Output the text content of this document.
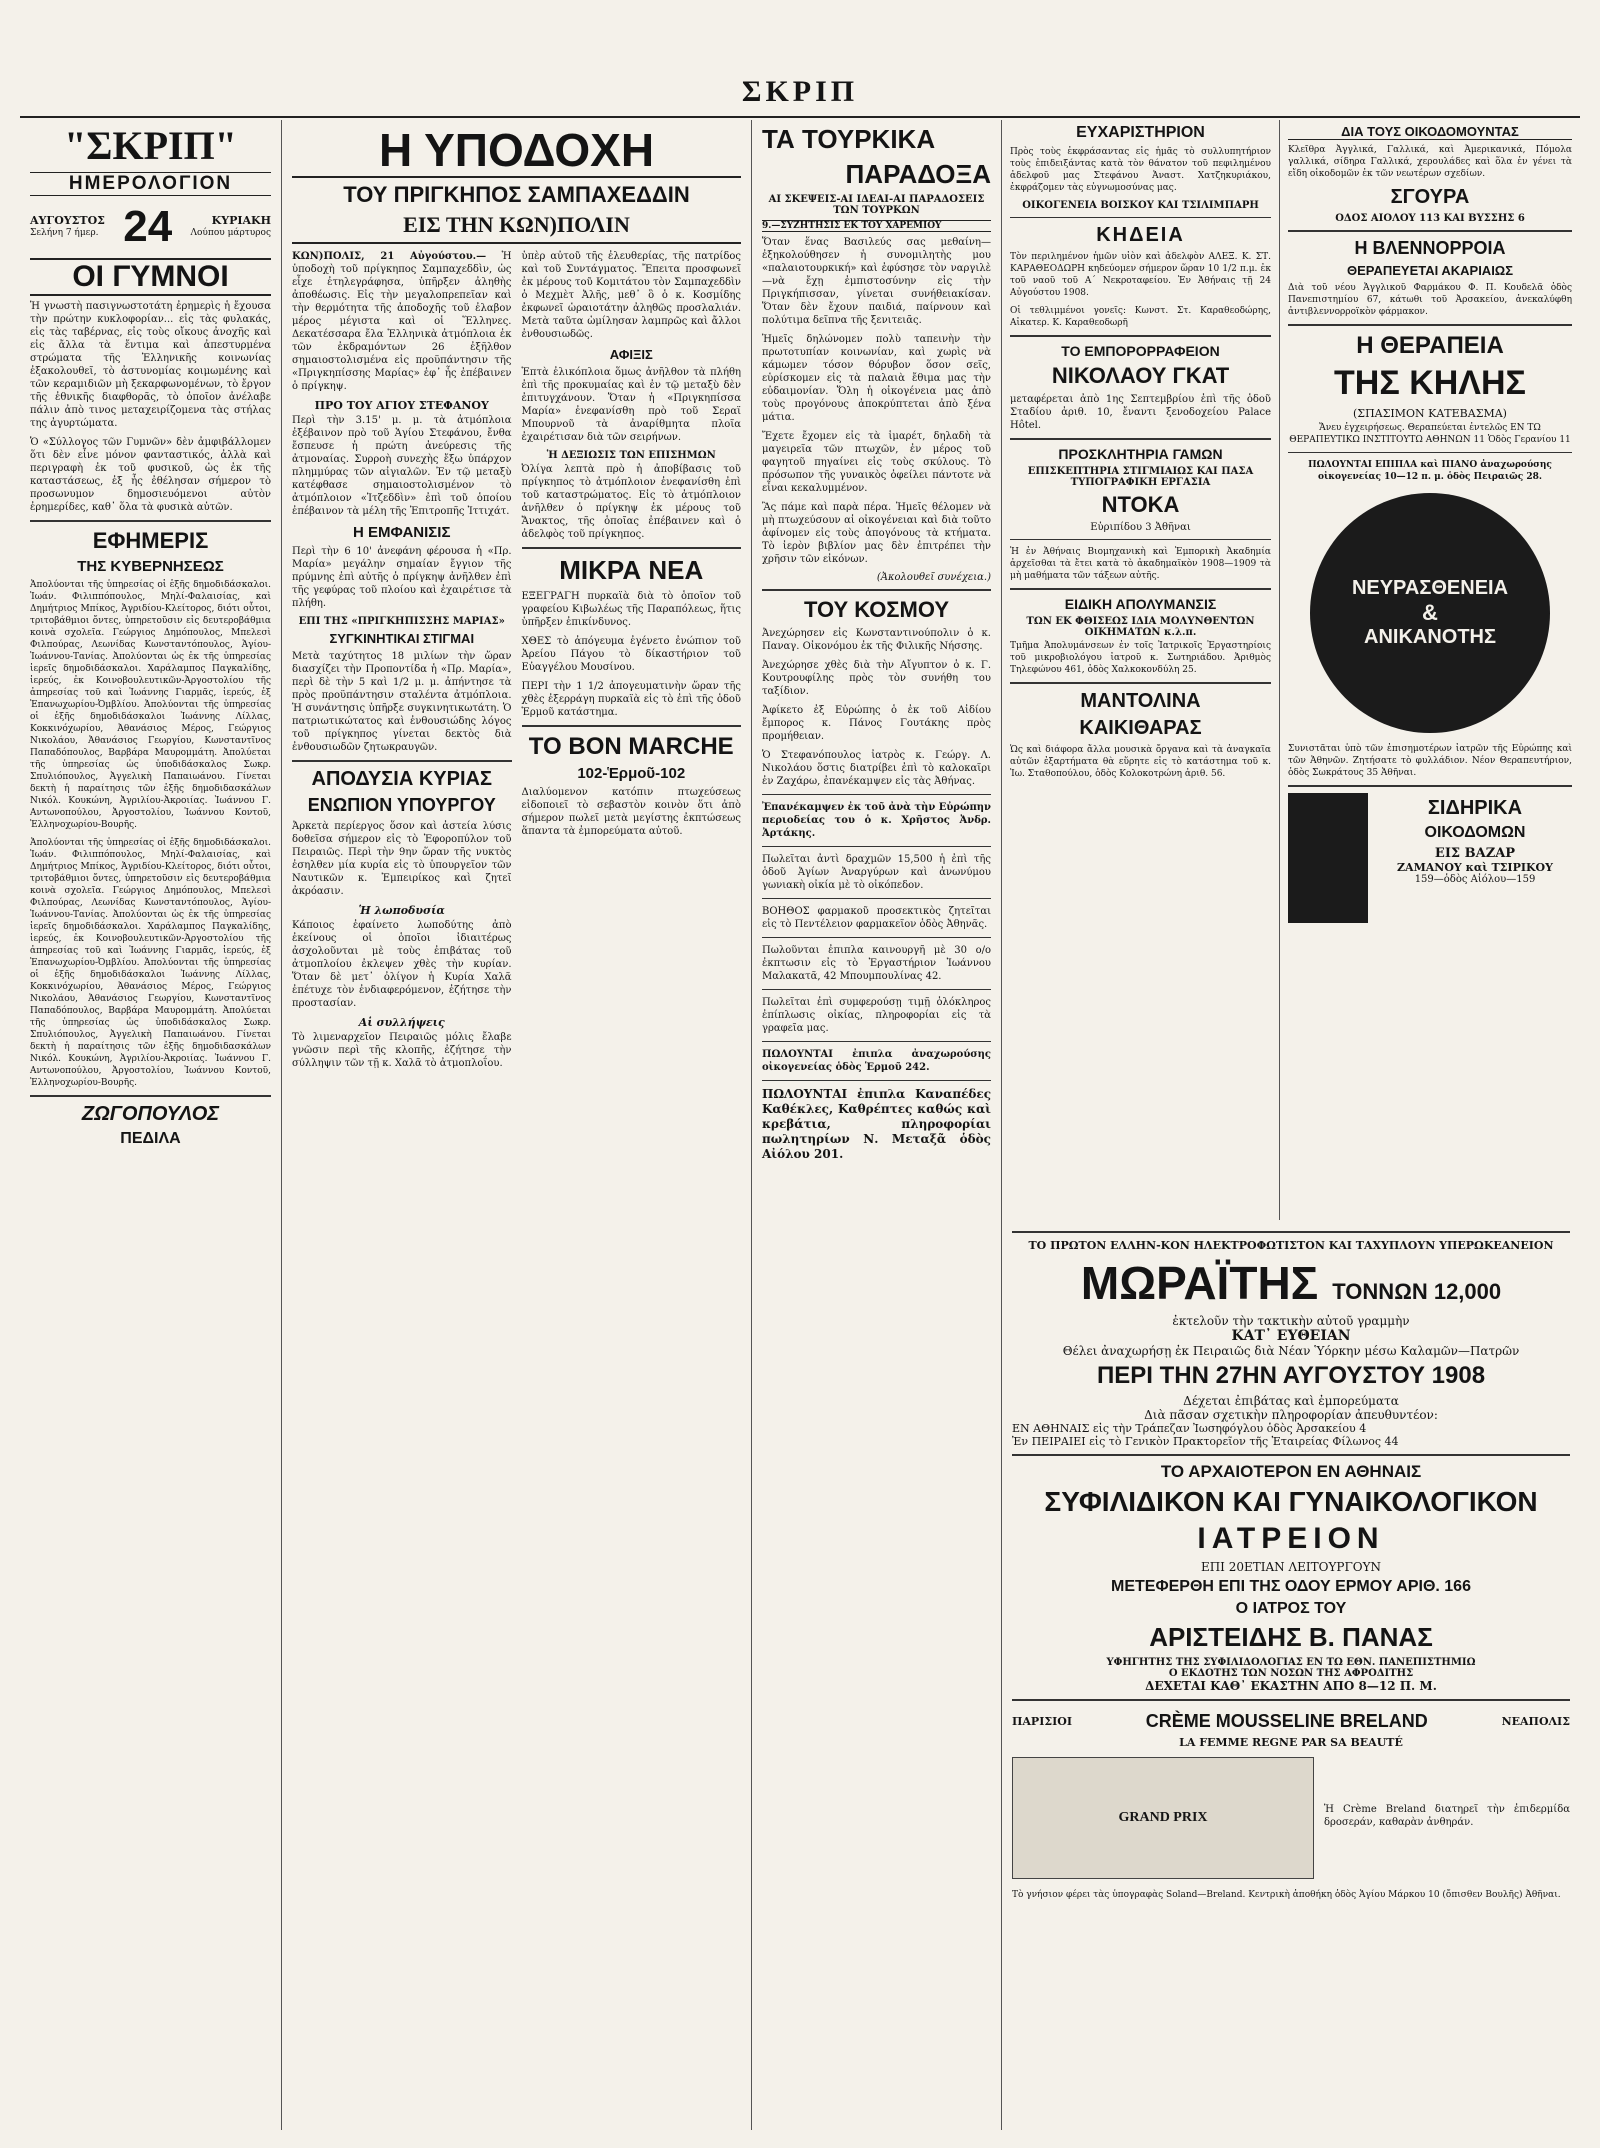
ΣΚΡΙΠ
"ΣΚΡΙΠ"
ΗΜΕΡΟΛΟΓΙΟΝ
ΑΥΓΟΥΣΤΟΣ
Σελήνη 7 ήμερ. 24	ΚΥΡΙΑΚΗ
Λούπου μάρτυρος
ΟΙ ΓΥΜΝΟΙ

Ἡ γνωστὴ πασιγνωστοτάτη ἐρημερὶς ἡ ἔχουσα τὴν πρώτην κυκλοφορίαν... εἰς τὰς φυλακάς, εἰς τὰς ταβέρνας, εἰς τοὺς οἴκους ἀνοχῆς καὶ εἰς ἄλλα τὰ ἔντιμα καὶ ἀπεστυρμένα στρώματα τῆς Ἑλληνικῆς κοινωνίας ἐξακολουθεῖ, τὸ ἀστυνομίας κοιμωμένης καὶ τῶν κεραμιδιῶν μὴ ξεκαρφωνομένων, τὸ ἔργον τῆς ἐθνικῆς διαφθορᾶς, τὸ ὁποῖον ἀνέλαβε πάλιν ἀπὸ τινος μεταχειρίζομενα τὰς στήλας της ἀγυρτώματα.

Ὁ «Σύλλογος τῶν Γυμνῶν» δὲν ἀμφιβάλλομεν ὅτι δὲν εἶνε μόνον φανταστικός, ἀλλὰ καὶ περιγραφὴ ἐκ τοῦ φυσικοῦ, ὡς ἐκ τῆς καταστάσεως, ἐξ ἧς ἐθέλησαν σήμερον τὸ προσωνυμον δημοσιευόμενοι αὐτὸν ἐρημερίδες, καθ᾽ ὅλα τὰ φυσικὰ αὐτῶν.

ΕΦΗΜΕΡΙΣ
ΤΗΣ ΚΥΒΕΡΝΗΣΕΩΣ

Ἀπολύονται τῆς ὑπηρεσίας οἱ ἑξῆς δημοδιδάσκαλοι. Ἰωάν. Φιλιππόπουλος, Μηλί-Φαλαισίας, καὶ Δημήτριος Μπίκος, Ἀγριδίου-Κλείτορος, διότι οὗτοι, τριτοβάθμιοι ὄντες, ὑπηρετοῦσιν εἰς δευτεροβάθμια κοινὰ σχολεῖα. Γεώργιος Δημόπουλος, Μπελεσὶ Φιλπούρας, Λεωνίδας Κωνσταντόπουλος, Ἁγίου-Ἰωάννου-Τανίας. Ἀπολύονται ὡς ἐκ τῆς ὑπηρεσίας ἱερεῖς δημοδιδάσκαλοι. Χαράλαμπος Παγκαλίδης, ἱερεύς, ἐκ Κοινοβουλευτικῶν-Ἀργοστολίου τῆς ἀπηρεσίας τοῦ καὶ Ἰωάννης Γιαρμᾶς, ἱερεύς, ἐξ Ἐπανωχωρίου-Ὀμβλίου. Ἀπολύονται τῆς ὑπηρεσίας οἱ ἑξῆς δημοδιδάσκαλοι Ἰωάννης Λίλλας, Κοκκινόχωρίου, Ἀθανάσιος Μέρος, Γεώργιος Νικολάου, Ἀθανάσιος Γεωργίου, Κωνσταντῖνος Παπαδόπουλος, Βαρβάρα Μαυρομμάτη. Ἀπολύεται τῆς ὑπηρεσίας ὡς ὑποδιδάσκαλος Σωκρ. Σπυλιόπουλος, Ἀγγελικὴ Παπαιωάνου. Γίνεται δεκτὴ ἡ παραίτησις τῶν ἑξῆς δημοδιδασκάλων Νικόλ. Κουκώνη, Ἀγριλίου-Ἀκροιίας. Ἰωάννου Γ. Αντωνοπούλου, Ἀργοστολίου, Ἰωάννου Κοντοῦ, Ἐλληνοχωρίου-Βουρῆς.

Ἀπολύονται τῆς ὑπηρεσίας οἱ ἑξῆς δημοδιδάσκαλοι. Ἰωάν. Φιλιππόπουλος, Μηλί-Φαλαισίας, καὶ Δημήτριος Μπίκος, Ἀγριδίου-Κλείτορος, διότι οὗτοι, τριτοβάθμιοι ὄντες, ὑπηρετοῦσιν εἰς δευτεροβάθμια κοινὰ σχολεῖα. Γεώργιος Δημόπουλος, Μπελεσὶ Φιλπούρας, Λεωνίδας Κωνσταντόπουλος, Ἁγίου-Ἰωάννου-Τανίας. Ἀπολύονται ὡς ἐκ τῆς ὑπηρεσίας ἱερεῖς δημοδιδάσκαλοι. Χαράλαμπος Παγκαλίδης, ἱερεύς, ἐκ Κοινοβουλευτικῶν-Ἀργοστολίου τῆς ἀπηρεσίας τοῦ καὶ Ἰωάννης Γιαρμᾶς, ἱερεύς, ἐξ Ἐπανωχωρίου-Ὀμβλίου. Ἀπολύονται τῆς ὑπηρεσίας οἱ ἑξῆς δημοδιδάσκαλοι Ἰωάννης Λίλλας, Κοκκινόχωρίου, Ἀθανάσιος Μέρος, Γεώργιος Νικολάου, Ἀθανάσιος Γεωργίου, Κωνσταντῖνος Παπαδόπουλος, Βαρβάρα Μαυρομμάτη. Ἀπολύεται τῆς ὑπηρεσίας ὡς ὑποδιδάσκαλος Σωκρ. Σπυλιόπουλος, Ἀγγελικὴ Παπαιωάνου. Γίνεται δεκτὴ ἡ παραίτησις τῶν ἑξῆς δημοδιδασκάλων Νικόλ. Κουκώνη, Ἀγριλίου-Ἀκροιίας. Ἰωάννου Γ. Αντωνοπούλου, Ἀργοστολίου, Ἰωάννου Κοντοῦ, Ἐλληνοχωρίου-Βουρῆς.

ΖΩΓΟΠΟΥΛΟΣ
ΠΕΔΙΛΑ
Η ΥΠΟΔΟΧΗ
ΤΟΥ ΠΡΙΓΚΗΠΟΣ ΣΑΜΠΑΧΕΔΔΙΝ
ΕΙΣ ΤΗΝ ΚΩΝ)ΠΟΛΙΝ

ΚΩΝ)ΠΟΛΙΣ, 21 Αὐγούστου.— Ἡ ὑποδοχὴ τοῦ πρίγκηπος Σαμπαχεδδὶν, ὡς εἶχε ἐτηλεγράφησα, ὑπῆρξεν ἀληθὴς ἀποθέωσις. Εἰς τὴν μεγαλοπρεπεῖαν καὶ τὴν θερμότητα τῆς ἀποδοχῆς τοῦ ἐλαβον μέρος μέγιστα καὶ οἱ Ἕλληνες. Δεκατέσσαρα ἔλα Ἑλληνικὰ ἀτμόπλοια ἐκ τῶν ἐκδραμόντων 26 ἐξῆλθον σημαιοστολισμένα εἰς προϋπάντησιν τῆς «Πριγκηπίσσης Μαρίας» ἐφ᾽ ἧς ἐπέβαινεν ὁ πρίγκηψ.

ΠΡΟ ΤΟΥ ΑΓΙΟΥ ΣΤΕΦΑΝΟΥ

Περὶ τὴν 3.15' μ. μ. τὰ ἀτμόπλοια ἐξέβαινον πρὸ τοῦ Ἁγίου Στεφάνου, ἔνθα ἔσπευσε ἡ πρώτη ἀνεύρεσις τῆς ἀτμοναίας. Συρροὴ συνεχὴς ἔξω ὑπάρχον πλημμύρας τῶν αἰγιαλῶν. Ἐν τῷ μεταξὺ κατέφθασε σημαιοστολισμένον τὸ ἀτμόπλοιον «Ἰτζεδδὶν» ἐπὶ τοῦ ὁποίου ἐπέβαινον τὰ μέλη τῆς Ἐπιτροπῆς Ἰττιχάτ.

Η ΕΜΦΑΝΙΣΙΣ

Περὶ τὴν 6 10' ἀνεφάνη φέρουσα ἡ «Πρ. Μαρία» μεγάλην σημαίαν ἔγγιον τῆς πρύμνης ἐπὶ αὐτῆς ὁ πρίγκηψ ἀνῆλθεν ἐπὶ τῆς γεφύρας τοῦ πλοίου καὶ ἐχαιρέτισε τὰ πλήθη.

ΕΠΙ ΤΗΣ «ΠΡΙΓΚΗΠΙΣΣΗΣ ΜΑΡΙΑΣ»
ΣΥΓΚΙΝΗΤΙΚΑΙ ΣΤΙΓΜΑΙ

Μετὰ ταχύτητος 18 μιλίων τὴν ὥραν διασχίζει τὴν Προποντίδα ἡ «Πρ. Μαρία», περὶ δὲ τὴν 5 καὶ 1/2 μ. μ. ἀπήντησε τὰ πρὸς προϋπάντησιν σταλέντα ἀτμόπλοια. Ἡ συνάντησις ὑπῆρξε συγκινητικωτάτη. Ὁ πατριωτικώτατος καὶ ἐνθουσιώδης λόγος τοῦ πρίγκηπος γίνεται δεκτὸς διὰ ἐνθουσιωδῶν ζητωκραυγῶν.

ΑΠΟΔΥΣΙΑ ΚΥΡΙΑΣ
ΕΝΩΠΙΟΝ ΥΠΟΥΡΓΟΥ

Ἀρκετὰ περίεργος ὅσον καὶ ἀστεία λύσις δοθεῖσα σήμερον εἰς τὸ Ἐφοροπύλον τοῦ Πειραιῶς. Περὶ τὴν 9ην ὥραν τῆς νυκτὸς ἐσηλθεν μία κυρία εἰς τὸ ὑπουργεῖον τῶν Ναυτικῶν κ. Ἐμπειρίκος καὶ ζητεῖ ἀκρόασιν.

Ἡ λωποδυσία

Κάποιος ἐφαίνετο λωποδύτης ἀπὸ ἐκείνους οἱ ὁποῖοι ἰδιαιτέρως ἀσχολοῦνται μὲ τοὺς ἐπιβάτας τοῦ ἀτμοπλοίου ἐκλεψεν χθὲς τὴν κυρίαν. Ὅταν δὲ μετ᾽ ὀλίγον ἡ Κυρία Χαλᾶ ἐπέτυχε τὸν ἐνδιαφερόμενον, ἐζήτησε τὴν προστασίαν.

Αἱ συλλήψεις

Τὸ λιμεναρχεῖον Πειραιῶς μόλις ἔλαβε γνῶσιν περὶ τῆς κλοπῆς, ἐζήτησε τὴν σύλληψιν τῶν τῇ κ. Χαλᾶ τὸ ἀτμοπλοΐου.

ὑπὲρ αὐτοῦ τῆς ἐλευθερίας, τῆς πατρίδος καὶ τοῦ Συντάγματος. Ἔπειτα προσφωνεῖ ἐκ μέρους τοῦ Κομιτάτου τὸν Σαμπαχεδδὶν ὁ Μεχμὲτ Ἀλῆς, μεθ᾽ ὃ ὁ κ. Κοσμίδης ἐκφωνεῖ ὡραιοτάτην ἀληθῶς προσλαλιάν. Μετὰ ταῦτα ὡμίλησαν λαμπρῶς καὶ ἄλλοι ἐνθουσιωδῶς.

ΑΦΙΞΙΣ

Ἑπτὰ ἐλικόπλοια ὅμως ἀνῆλθον τὰ πλήθη ἐπὶ τῆς προκυμαίας καὶ ἐν τῷ μεταξὺ δὲν ἐπιτυγχάνουν. Ὅταν ἡ «Πριγκηπίσσα Μαρία» ἐνεφανίσθη πρὸ τοῦ Σεραϊ Μπουρνοῦ τὰ ἀναρίθμητα πλοῖα ἐχαιρέτισαν διὰ τῶν σειρήνων.

Ἡ ΔΕΞΙΩΣΙΣ ΤΩΝ ΕΠΙΣΗΜΩΝ

Ὀλίγα λεπτὰ πρὸ ἡ ἀποβίβασις τοῦ πρίγκηπος τὸ ἀτμόπλοιον ἐνεφανίσθη ἐπὶ τοῦ καταστρώματος. Εἰς τὸ ἀτμόπλοιον ἀνῆλθεν ὁ πρίγκηψ ἐκ μέρους τοῦ Ἄνακτος, τῆς ὁποῖας ἐπέβαινεν καὶ ὁ ἀδελφὸς τοῦ πρίγκηπος.

ΜΙΚΡΑ ΝΕΑ

ΕΞΕΓΡΑΓΗ πυρκαϊὰ διὰ τὸ ὁποῖον τοῦ γραφείου Κιβωλέως τῆς Παραπόλεως, ἥτις ὑπῆρξεν ἐπικίνδυνος.

ΧΘΕΣ τὸ ἀπόγευμα ἐγένετο ἐνώπιον τοῦ Ἀρείου Πάγου τὸ δίκαστήριον τοῦ Εὐαγγέλου Μουσίνου.

ΠΕΡΙ τὴν 1 1/2 ἀπογευματινὴν ὥραν τῆς χθὲς ἐξερράγη πυρκαϊὰ εἰς τὸ ἐπὶ τῆς ὁδοῦ Ἑρμοῦ κατάστημα.

ΤΟ ΒΟΝ MARCHE
102-Ἑρμοῦ-102

Διαλύομενον κατόπιν πτωχεύσεως εἰδοποιεῖ τὸ σεβαστὸν κοινὸν ὅτι ἀπὸ σήμερον πωλεῖ μετὰ μεγίστης ἐκπτώσεως ἅπαντα τὰ ἐμπορεύματα αὐτοῦ.

ΤΑ ΤΟΥΡΚΙΚΑ
ΠΑΡΑΔΟΞΑ
ΑΙ ΣΚΕΨΕΙΣ-ΑΙ ΙΔΕΑΙ-ΑΙ ΠΑΡΑΔΟΣΕΙΣ ΤΩΝ ΤΟΥΡΚΩΝ
9.—ΣΥΖΗΤΗΣΙΣ ΕΚ ΤΟΥ ΧΑΡΕΜΙΟΥ

Ὅταν ἕνας Βασιλεύς σας μεθαίνη—ἐξηκολούθησεν ἡ συνομιλητὴς μου «παλαιοτουρκική» καὶ ἐφύσησε τὸν ναργιλὲ—νὰ ἔχῃ ἐμπιστοσύνην εἰς τὴν Πριγκήπισσαν, γίνεται συνήθειακίσαν. Ὅταν δὲν ἔχουν παιδιά, παίρνουν καὶ πολύτιμα δεῖπνα τῆς ξενιτειᾶς.

Ἡμεῖς δηλώνομεν πολὺ ταπεινὴν τὴν πρωτοτυπίαν κοινωνίαν, καὶ χωρὶς νὰ κάμωμεν τόσον θόρυβον ὅσον σεῖς, εὑρίσκομεν εἰς τὰ παλαιὰ ἔθιμα μας τὴν εὐδαιμονίαν. Ὅλη ἡ οἰκογένεια μας ἀπὸ τοὺς προγόνους ἀποκρύπτεται ἀπὸ ξένα μάτια.

Ἔχετε ἔχομεν εἰς τὰ ἱμαρέτ, δηλαδὴ τὰ μαγειρεῖα τῶν πτωχῶν, ἐν μέρος τοῦ φαγητοῦ πηγαίνει εἰς τοὺς σκύλους. Τὸ πρόσωπον τῆς γυναικὸς ὀφείλει πάντοτε νὰ εἶναι κεκαλυμμένον.

Ἂς πάμε καὶ παρὰ πέρα. Ἡμεῖς θέλομεν νὰ μὴ πτωχεύσουν αἱ οἰκογένειαι καὶ διὰ τοῦτο ἀφίνομεν εἰς τοὺς ἀπογόνους τὰ κτήματα. Τὸ ἱερὸν βιβλίον μας δὲν ἐπιτρέπει τὴν χρῆσιν τῶν εἰκόνων.

(Ἀκολουθεῖ συνέχεια.)
ΤΟΥ ΚΟΣΜΟΥ

Ἀνεχώρησεν εἰς Κωνσταντινούπολιν ὁ κ. Παναγ. Οἰκονόμου ἐκ τῆς Φιλικῆς Νήσσης.

Ἀνεχώρησε χθὲς διὰ τὴν Αἴγυπτον ὁ κ. Γ. Κουτρουφίλης πρὸς τὸν συνήθη του ταξίδιον.

Ἀφίκετο ἐξ Εὐρώπης ὁ ἐκ τοῦ Αἰδίου ἔμπορος κ. Πάνος Γουτάκης πρὸς προμήθειαν.

Ὁ Στεφανόπουλος ἰατρὸς κ. Γεώργ. Λ. Νικολάου ὅστις διατρίβει ἐπὶ τὸ καλοκαῖρι ἐν Ζαχάρω, ἐπανέκαμψεν εἰς τὰς Ἀθήνας.

Ἐπανέκαμψεν ἐκ τοῦ ἀνὰ τὴν Εὐρώπην περιοδείας του ὁ κ. Χρῆστος Ἀνδρ. Ἀρτάκης.

Πωλεῖται ἀντὶ δραχμῶν 15,500 ἡ ἐπὶ τῆς ὁδοῦ Ἀγίων Ἀναργύρων καὶ ἀνωνύμου γωνιακὴ οἰκία μὲ τὸ οἰκόπεδον.

ΒΟΗΘΟΣ φαρμακοῦ προσεκτικὸς ζητεῖται εἰς τὸ Πεντέλειον φαρμακεῖον ὁδὸς Ἀθηνᾶς.

Πωλοῦνται ἐπιπλα καινουργῆ μὲ 30 ο/ο ἐκπτωσιν εἰς τὸ Ἐργαστήριον Ἰωάννου Μαλακατᾶ, 42 Μπουμπουλίνας 42.

Πωλεῖται ἐπὶ συμφερούσῃ τιμῇ ὁλόκληρος ἐπίπλωσις οἰκίας, πληροφορίαι εἰς τὰ γραφεῖα μας.

ΠΩΛΟΥΝΤΑΙ ἐπιπλα ἀναχωρούσης οἰκογενείας ὁδὸς Ἑρμοῦ 242.

ΠΩΛΟΥΝΤΑΙ ἐπιπλα Καναπέδες Καθέκλες, Καθρέπτες καθώς καὶ κρεβάτια, πληροφορίαι πωλητηρίων Ν. Μεταξᾶ ὁδὸς Αἰόλου 201.

ΕΥΧΑΡΙΣΤΗΡΙΟΝ

Πρὸς τοὺς ἐκφράσαντας εἰς ἡμᾶς τὸ συλλυπητήριον τοὺς ἐπιδειξάντας κατὰ τὸν θάνατον τοῦ πεφιλημένου ἀδελφοῦ μας Στεφάνου Ἀναστ. Χατζηκυριάκου, ἐκφράζομεν τὰς εὐγνωμοσύνας μας.

ΟΙΚΟΓΕΝΕΙΑ ΒΟΙΣΚΟΥ ΚΑΙ ΤΣΙΛΙΜΠΑΡΗ
ΚΗΔΕΙΑ

Τὸν περιλημένον ἡμῶν υἱὸν καὶ ἀδελφὸν ΑΛΕΞ. Κ. ΣΤ. ΚΑΡΑΘΕΟΔΩΡΗ κηδεύομεν σήμερον ὥραν 10 1/2 π.μ. ἐκ τοῦ ναοῦ τοῦ Α΄ Νεκροταφείου. Ἐν Ἀθήναις τῇ 24 Αὐγούστου 1908.

Οἱ τεθλιμμένοι γονεῖς: Κωνστ. Στ. Καραθεοδώρης, Αἰκατερ. Κ. Καραθεοδωρῆ

ΤΟ ΕΜΠΟΡΟΡΡΑΦΕΙΟΝ
ΝΙΚΟΛΑΟΥ ΓΚΑΤ

μεταφέρεται ἀπὸ 1ης Σεπτεμβρίου ἐπὶ τῆς ὁδοῦ Σταδίου ἀριθ. 10, ἔναντι ξενοδοχείου Palace Hôtel.

ΠΡΟΣΚΛΗΤΗΡΙΑ ΓΑΜΩΝ
ΕΠΙΣΚΕΠΤΗΡΙΑ ΣΤΙΓΜΙΑΙΩΣ ΚΑΙ ΠΑΣΑ ΤΥΠΟΓΡΑΦΙΚΗ ΕΡΓΑΣΙΑ
ΝΤΟΚΑ
Εὐριπίδου 3 Ἀθῆναι

Ἡ ἐν Ἀθήναις Βιομηχανικὴ καὶ Ἐμπορικὴ Ἀκαδημία ἀρχεῖσθαι τὰ ἔτει κατὰ τὸ ἀκαδημαϊκὸν 1908—1909 τὰ μὴ μαθήματα τῶν τάξεων αὐτῆς.

ΕΙΔΙΚΗ ΑΠΟΛΥΜΑΝΣΙΣ
ΤΩΝ ΕΚ ΦΘΙΣΕΩΣ ΙΔΙΑ ΜΟΛΥΝΘΕΝΤΩΝ ΟΙΚΗΜΑΤΩΝ κ.λ.π.

Τμῆμα Ἀπολυμάνσεων ἐν τοῖς Ἰατρικοῖς Ἐργαστηρίοις τοῦ μικροβιολόγου ἰατροῦ κ. Σωτηριάδου. Ἀριθμὸς Τηλεφώνου 461, ὁδὸς Χαλκοκονδύλη 25.

ΜΑΝΤΟΛΙΝΑ
ΚΑΙΚΙΘΑΡΑΣ

Ὡς καὶ διάφορα ἄλλα μουσικὰ ὄργανα καὶ τὰ ἀναγκαῖα αὐτῶν ἐξαρτήματα θὰ εὕρητε εἰς τὸ κατάστημα τοῦ κ. Ἰω. Σταθοπούλου, ὁδὸς Κολοκοτρώνη ἀριθ. 56.

ΔΙΑ ΤΟΥΣ ΟΙΚΟΔΟΜΟΥΝΤΑΣ

Κλεῖθρα Ἀγγλικά, Γαλλικά, καὶ Ἀμερικανικά, Πόμολα γαλλικά, σίδηρα Γαλλικά, χερουλάδες καὶ ὅλα ἐν γένει τὰ εἴδη οἰκοδομῶν ἐκ τῶν νεωτέρων σχεδίων.

ΣΓΟΥΡΑ
ΟΔΟΣ ΑΙΟΛΟΥ 113 ΚΑΙ ΒΥΣΣΗΣ 6
Η ΒΛΕΝΝΟΡΡΟΙΑ
ΘΕΡΑΠΕΥΕΤΑΙ ΑΚΑΡΙΑΙΩΣ

Διὰ τοῦ νέου Ἀγγλικοῦ Φαρμάκου Φ. Π. Κουδελᾶ ὁδὸς Πανεπιστημίου 67, κάτωθι τοῦ Ἀρσακείου, ἀνεκαλύφθη ἀντιβλεννορροϊκὸν φάρμακον.

Η ΘΕΡΑΠΕΙΑ
ΤΗΣ ΚΗΛΗΣ
(ΣΠΑΣΙΜΟΝ ΚΑΤΕΒΑΣΜΑ)

Ἄνευ ἐγχειρήσεως. Θεραπεύεται ἐντελῶς ΕΝ ΤΩ ΘΕΡΑΠΕΥΤΙΚΩ ΙΝΣΤΙΤΟΥΤΩ ΑΘΗΝΩΝ 11 Ὁδὸς Γερανίου 11

ΠΩΛΟΥΝΤΑΙ ΕΠΙΠΛΑ καὶ ΠΙΑΝΟ ἀναχωρούσης οἰκογενείας 10—12 π. μ. ὁδὸς Πειραιῶς 28.

ΝΕΥΡΑΣΘΕΝΕΙΑ
&
ΑΝΙΚΑΝΟΤΗΣ

Συνιστᾶται ὑπὸ τῶν ἐπισημοτέρων ἰατρῶν τῆς Εὐρώπης καὶ τῶν Ἀθηνῶν. Ζητήσατε τὸ φυλλάδιον. Νέον Θεραπευτήριον, ὁδὸς Σωκράτους 35 Ἀθῆναι.

ΣΙΔΗΡΙΚΑ
ΟΙΚΟΔΟΜΩΝ
ΕΙΣ ΒΑΖΑΡ
ΖΑΜΑΝΟΥ καὶ ΤΣΙΡΙΚΟΥ
159—ὁδὸς Αἰόλου—159
ΤΟ ΠΡΩΤΟΝ ΕΛΛΗΝ-ΚΟΝ ΗΛΕΚΤΡΟΦΩΤΙΣΤΟΝ ΚΑΙ ΤΑΧΥΠΛΟΥΝ ΥΠΕΡΩΚΕΑΝΕΙΟΝ
ΜΩΡΑΪΤΗΣ ΤΟΝΝΩΝ 12,000
ἐκτελοῦν τὴν τακτικὴν αὐτοῦ γραμμὴν
ΚΑΤ᾽ ΕΥΘΕΙΑΝ
Θέλει ἀναχωρήσῃ ἐκ Πειραιῶς διὰ Νέαν Ὑόρκην μέσω Καλαμῶν—Πατρῶν
ΠΕΡΙ ΤΗΝ 27ΗΝ ΑΥΓΟΥΣΤΟΥ 1908
Δέχεται ἐπιβάτας καὶ ἐμπορεύματα
Διὰ πᾶσαν σχετικὴν πληροφορίαν ἀπευθυντέον:
ΕΝ ΑΘΗΝΑΙΣ εἰς τὴν Τράπεζαν Ἰωσηφόγλου ὁδὸς Ἀρσακείου 4
Ἐν ΠΕΙΡΑΙΕΙ εἰς τὸ Γενικὸν Πρακτορεῖον τῆς Ἑταιρείας Φίλωνος 44
ΤΟ ΑΡΧΑΙΟΤΕΡΟΝ ΕΝ ΑΘΗΝΑΙΣ
ΣΥΦΙΛΙΔΙΚΟΝ ΚΑΙ ΓΥΝΑΙΚΟΛΟΓΙΚΟΝ
ΙΑΤΡΕΙΟΝ
ΕΠΙ 20ΕΤΙΑΝ ΛΕΙΤΟΥΡΓΟΥΝ
ΜΕΤΕΦΕΡΘΗ ΕΠΙ ΤΗΣ ΟΔΟΥ ΕΡΜΟΥ ΑΡΙΘ. 166
Ο ΙΑΤΡΟΣ ΤΟΥ
ΑΡΙΣΤΕΙΔΗΣ Β. ΠΑΝΑΣ
ΥΦΗΓΗΤΗΣ ΤΗΣ ΣΥΦΙΛΙΔΟΛΟΓΙΑΣ ΕΝ ΤΩ ΕΘΝ. ΠΑΝΕΠΙΣΤΗΜΙΩ
Ο ΕΚΔΟΤΗΣ ΤΩΝ ΝΟΣΩΝ ΤΗΣ ΑΦΡΟΔΙΤΗΣ
ΔΕΧΕΤΑΙ ΚΑΘ᾽ ΕΚΑΣΤΗΝ ΑΠΟ 8—12 Π. Μ.
ΠΑΡΙΣΙΟΙ	CRÈME MOUSSELINE BRELAND	ΝΕΑΠΟΛΙΣ
LA FEMME REGNE PAR SA BEAUTÉ
GRAND PRIX

Ἡ Crème Breland διατηρεῖ τὴν ἐπιδερμίδα δροσεράν, καθαρὰν ἀνθηράν.

Τὸ γνήσιον φέρει τὰς ὑπογραφὰς Soland—Breland. Κεντρικὴ ἀποθήκη ὁδὸς Ἁγίου Μάρκου 10 (ὄπισθεν Βουλῆς) Ἀθῆναι.
